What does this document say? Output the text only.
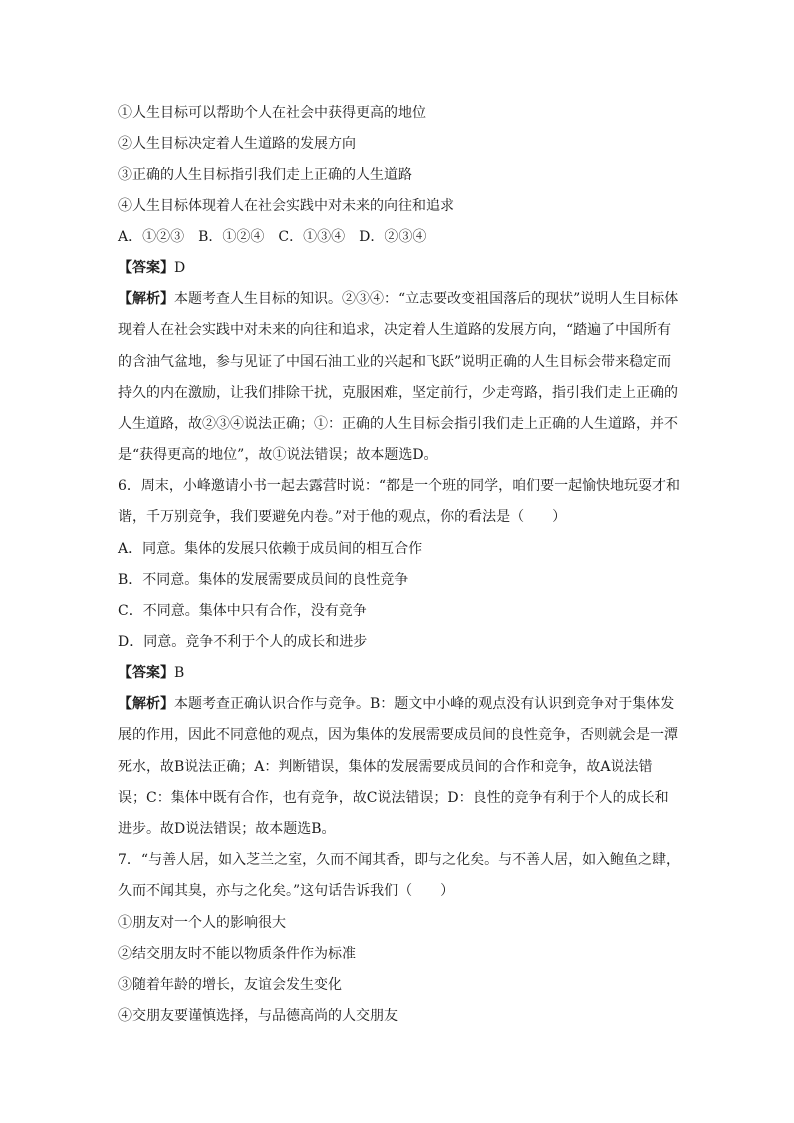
①人生目标可以帮助个人在社会中获得更高的地位
②人生目标决定着人生道路的发展方向
③正确的人生目标指引我们走上正确的人生道路
④人生目标体现着人在社会实践中对未来的向往和追求
A．①②③　B．①②④　C．①③④　D．②③④
【答案】D
【解析】本题考查人生目标的知识。②③④：“立志要改变祖国落后的现状”说明人生目标体
现着人在社会实践中对未来的向往和追求，决定着人生道路的发展方向，“踏遍了中国所有
的含油气盆地，参与见证了中国石油工业的兴起和飞跃”说明正确的人生目标会带来稳定而
持久的内在激励，让我们排除干扰，克服困难，坚定前行，少走弯路，指引我们走上正确的
人生道路，故②③④说法正确；①：正确的人生目标会指引我们走上正确的人生道路，并不
是“获得更高的地位”，故①说法错误；故本题选D。
6．周末，小峰邀请小书一起去露营时说：“都是一个班的同学，咱们要一起愉快地玩耍才和
谐，千万别竞争，我们要避免内卷。”对于他的观点，你的看法是（　　）
A．同意。集体的发展只依赖于成员间的相互合作
B．不同意。集体的发展需要成员间的良性竞争
C．不同意。集体中只有合作，没有竞争
D．同意。竞争不利于个人的成长和进步
【答案】B
【解析】本题考查正确认识合作与竞争。B：题文中小峰的观点没有认识到竞争对于集体发
展的作用，因此不同意他的观点，因为集体的发展需要成员间的良性竞争，否则就会是一潭
死水，故B说法正确；A：判断错误，集体的发展需要成员间的合作和竞争，故A说法错
误；C：集体中既有合作，也有竞争，故C说法错误；D：良性的竞争有利于个人的成长和
进步。故D说法错误；故本题选B。
7．“与善人居，如入芝兰之室，久而不闻其香，即与之化矣。与不善人居，如入鲍鱼之肆，
久而不闻其臭，亦与之化矣。”这句话告诉我们（　　）
①朋友对一个人的影响很大
②结交朋友时不能以物质条件作为标准
③随着年龄的增长，友谊会发生变化
④交朋友要谨慎选择，与品德高尚的人交朋友
